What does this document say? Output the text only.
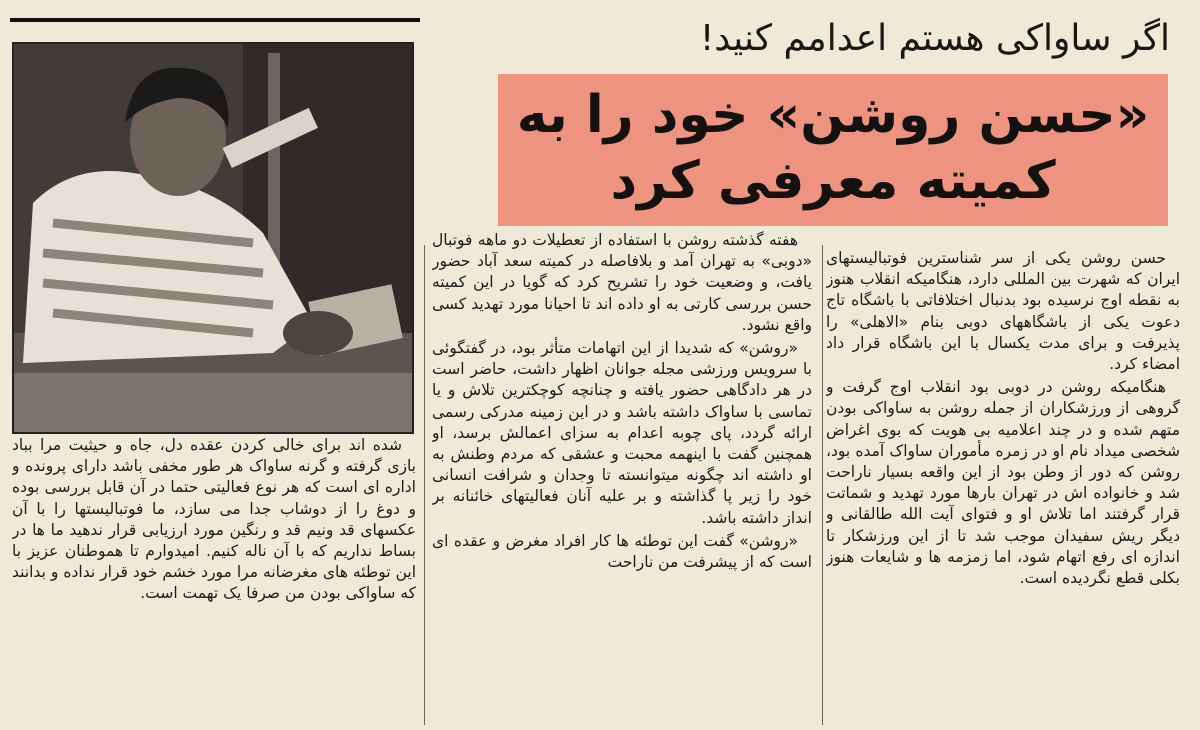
اگر ساواکی هستم اعدامم کنید!
«حسن روشن» خود را به
کمیته معرفی کرد

حسن روشن یکی از سر شناسترین فوتبالیستهای ایران که شهرت بین المللی دارد، هنگامیکه انقلاب هنوز به نقطه اوج نرسیده بود بدنبال اختلافاتی با باشگاه تاج دعوت یکی از باشگاههای دوبی بنام «الاهلی» را پذیرفت و برای مدت یکسال با این باشگاه قرار داد امضاء کرد.

هنگامیکه روشن در دوبی بود انقلاب اوج گرفت و گروهی از ورزشکاران از جمله روشن به ساواکی بودن متهم شده و در چند اعلامیه بی هویت که بوی اغراض شخصی میداد نام او در زمره مأموران ساواک آمده بود، روشن که دور از وطن بود از این واقعه بسیار ناراحت شد و خانواده اش در تهران بارها مورد تهدید و شماتت قرار گرفتند اما تلاش او و فتوای آیت الله طالقانی و دیگر ریش سفیدان موجب شد تا از این ورزشکار تا اندازه ای رفع اتهام شود، اما زمزمه ها و شایعات هنوز بکلی قطع نگردیده است.

هفته گذشته روشن با استفاده از تعطیلات دو ماهه فوتبال «دوبی» به تهران آمد و بلافاصله در کمیته سعد آباد حضور یافت، و وضعیت خود را تشریح کرد که گویا در این کمیته حسن بررسی کارتی به او داده اند تا احیانا مورد تهدید کسی واقع نشود.

«روشن» که شدیدا از این اتهامات متأثر بود، در گفتگوئی با سرویس ورزشی مجله جوانان اظهار داشت، حاضر است در هر دادگاهی حضور یافته و چنانچه کوچکترین تلاش و یا تماسی با ساواک داشته باشد و در این زمینه مدرکی رسمی ارائه گردد، پای چوبه اعدام به سزای اعمالش برسد، او همچنین گفت با اینهمه محبت و عشقی که مردم وطنش به او داشته اند چگونه میتوانسته تا وجدان و شرافت انسانی خود را زیر پا گذاشته و بر علیه آنان فعالیتهای خائنانه بر انداز داشته باشد.

«روشن» گفت این توطئه ها کار افراد مغرض و عقده ای است که از پیشرفت من ناراحت

شده اند برای خالی کردن عقده دل، جاه و حیثیت مرا بباد بازی گرفته و گرنه ساواک هر طور مخفی باشد دارای پرونده و اداره ای است که هر نوع فعالیتی حتما در آن قابل بررسی بوده و دوغ را از دوشاب جدا می سازد، ما فوتبالیستها را با آن عکسهای قد ونیم قد و رنگین مورد ارزیابی قرار ندهید ما ها در بساط نداریم که با آن ناله کنیم. امیدوارم تا هموطنان عزیز با این توطئه های مغرضانه مرا مورد خشم خود قرار نداده و بدانند که ساواکی بودن من صرفا یک تهمت است.
